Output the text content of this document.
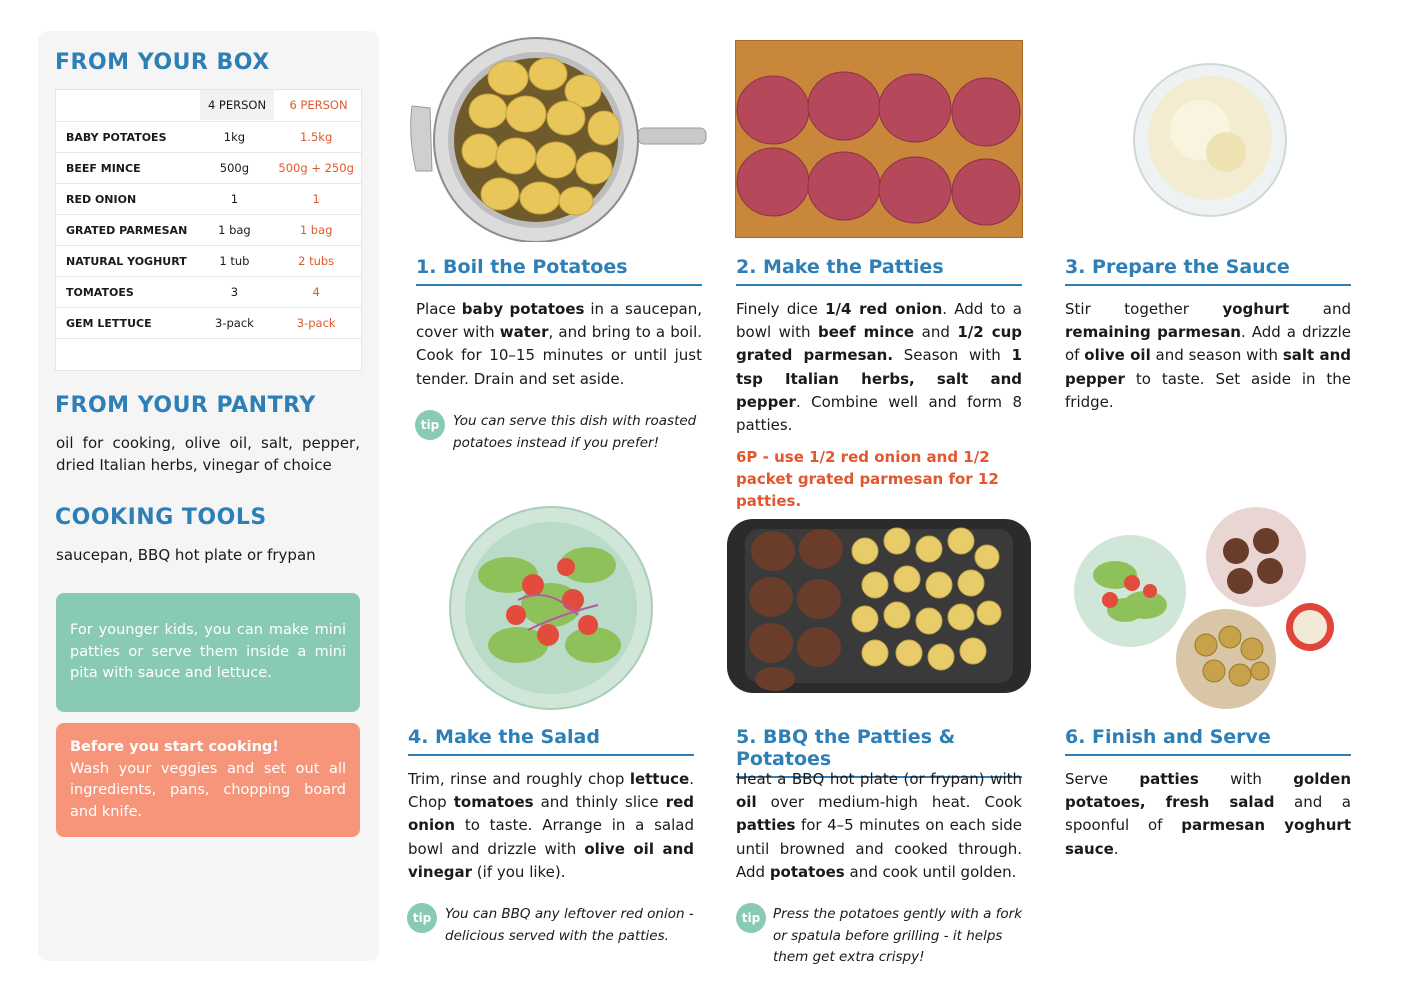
FROM YOUR BOX
4 PERSON	6 PERSON
BABY POTATOES	1kg	1.5kg
BEEF MINCE	500g	500g + 250g
RED ONION	1	1
GRATED PARMESAN	1 bag	1 bag
NATURAL YOGHURT	1 tub	2 tubs
TOMATOES	3	4
GEM LETTUCE	3-pack	3-pack
FROM YOUR PANTRY
oil for cooking, olive oil, salt, pepper, dried Italian herbs, vinegar of choice
COOKING TOOLS
saucepan, BBQ hot plate or frypan
For younger kids, you can make mini patties or serve them inside a mini pita with sauce and lettuce.
Before you start cooking!
Wash your veggies and set out all ingredients, pans, chopping board and knife.
1. Boil the Potatoes	2. Make the Patties	3. Prepare the Sauce
4. Make the Salad	5. BBQ the Patties & Potatoes
6. Finish and Serve
Place baby potatoes in a saucepan, cover with water, and bring to a boil. Cook for 10–15 minutes or until just tender. Drain and set aside.
Finely dice 1/4 red onion. Add to a bowl with beef mince and 1/2 cup grated parmesan. Season with 1 tsp Italian herbs, salt and pepper. Combine well and form 8 patties.
Stir together yoghurt and remaining parmesan. Add a drizzle of olive oil and season with salt and pepper to taste. Set aside in the fridge.
Trim, rinse and roughly chop lettuce. Chop tomatoes and thinly slice red onion to taste. Arrange in a salad bowl and drizzle with olive oil and vinegar (if you like).
Heat a BBQ hot plate (or frypan) with oil over medium-high heat. Cook patties for 4–5 minutes on each side until browned and cooked through. Add potatoes and cook until golden.
Serve patties with golden potatoes, fresh salad and a spoonful of parmesan yoghurt sauce.
6P - use 1/2 red onion and 1/2 packet grated parmesan for 12 patties.
tip	You can serve this dish with roasted potatoes instead if you prefer!
tip	You can BBQ any leftover red onion - delicious served with the patties.
tip Press the potatoes gently with a fork or spatula before grilling - it helps them get extra crispy!
